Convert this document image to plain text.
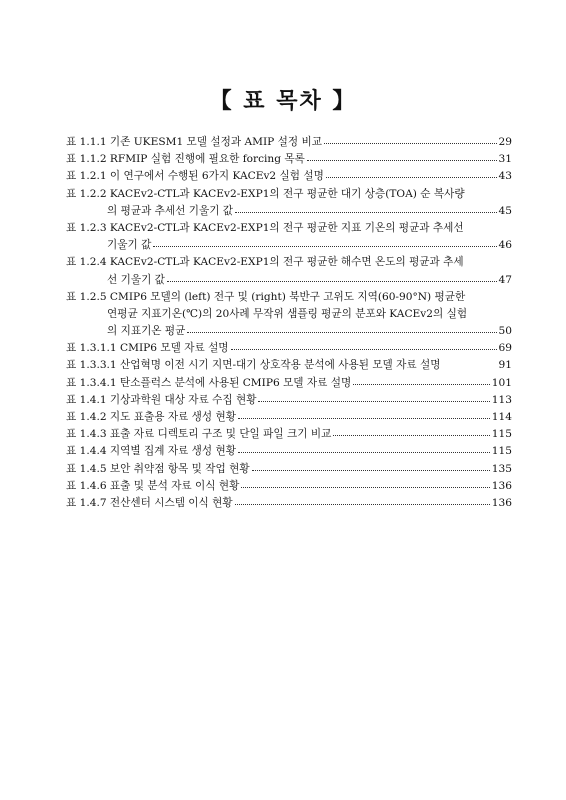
【 표 목차 】
표 1.1.1 기존 UKESM1 모델 설정과 AMIP 설정 비교	29
표 1.1.2 RFMIP 실험 진행에 필요한 forcing 목록	31
표 1.2.1 이 연구에서 수행된 6가지 KACEv2 실험 설명	43
표 1.2.2 KACEv2-CTL과 KACEv2-EXP1의 전구 평균한 대기 상층(TOA) 순 복사량
의 평균과 추세선 기울기 값	45
표 1.2.3 KACEv2-CTL과 KACEv2-EXP1의 전구 평균한 지표 기온의 평균과 추세선
기울기 값	46
표 1.2.4 KACEv2-CTL과 KACEv2-EXP1의 전구 평균한 해수면 온도의 평균과 추세
선 기울기 값	47
표 1.2.5 CMIP6 모델의 (left) 전구 및 (right) 북반구 고위도 지역(60-90°N) 평균한
연평균 지표기온(℃)의 20사례 무작위 샘플링 평균의 분포와 KACEv2의 실험
의 지표기온 평균	50
표 1.3.1.1 CMIP6 모델 자료 설명	69
표 1.3.3.1 산업혁명 이전 시기 지면-대기 상호작용 분석에 사용된 모델 자료 설명	91
표 1.3.4.1 탄소플럭스 분석에 사용된 CMIP6 모델 자료 설명	101
표 1.4.1 기상과학원 대상 자료 수집 현황	113
표 1.4.2 지도 표출용 자료 생성 현황	114
표 1.4.3 표출 자료 디렉토리 구조 및 단일 파일 크기 비교	115
표 1.4.4 지역별 집계 자료 생성 현황	115
표 1.4.5 보안 취약점 항목 및 작업 현황	135
표 1.4.6 표출 및 분석 자료 이식 현황	136
표 1.4.7 전산센터 시스템 이식 현황	136
